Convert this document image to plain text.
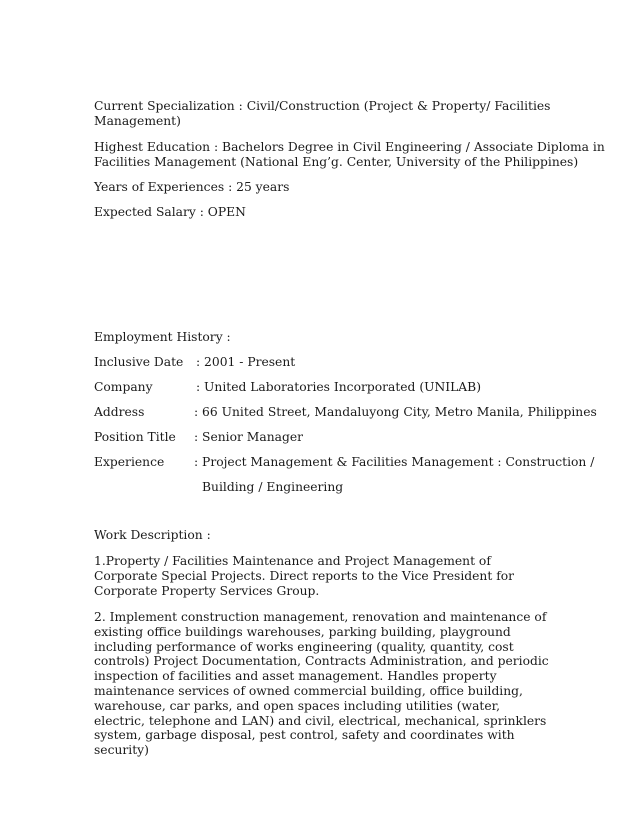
Current Specialization : Civil/Construction (Project & Property/ Facilities
Management)
Highest Education : Bachelors Degree in Civil Engineering / Associate Diploma in
Facilities Management (National Eng’g. Center, University of the Philippines)
Years of Experiences : 25 years
Expected Salary : OPEN
Employment History :
Inclusive Date : 2001 - Present
Company	: United Laboratories Incorporated (UNILAB)
Address	: 66 United Street, Mandaluyong City, Metro Manila, Philippines
Position Title : Senior Manager
Experience : Project Management & Facilities Management : Construction /
Building / Engineering
Work Description :
1.Property / Facilities Maintenance and Project Management of Corporate Special Projects. Direct reports to the Vice President for Corporate Property Services Group.
2. Implement construction management, renovation and maintenance of existing office buildings warehouses, parking building, playground including performance of works engineering (quality, quantity, cost controls) Project Documentation, Contracts Administration, and periodic inspection of facilities and asset management. Handles property maintenance services of owned commercial building, office building, warehouse, car parks, and open spaces including utilities (water, electric, telephone and LAN) and civil, electrical, mechanical, sprinklers system, garbage disposal, pest control, safety and coordinates with security)
